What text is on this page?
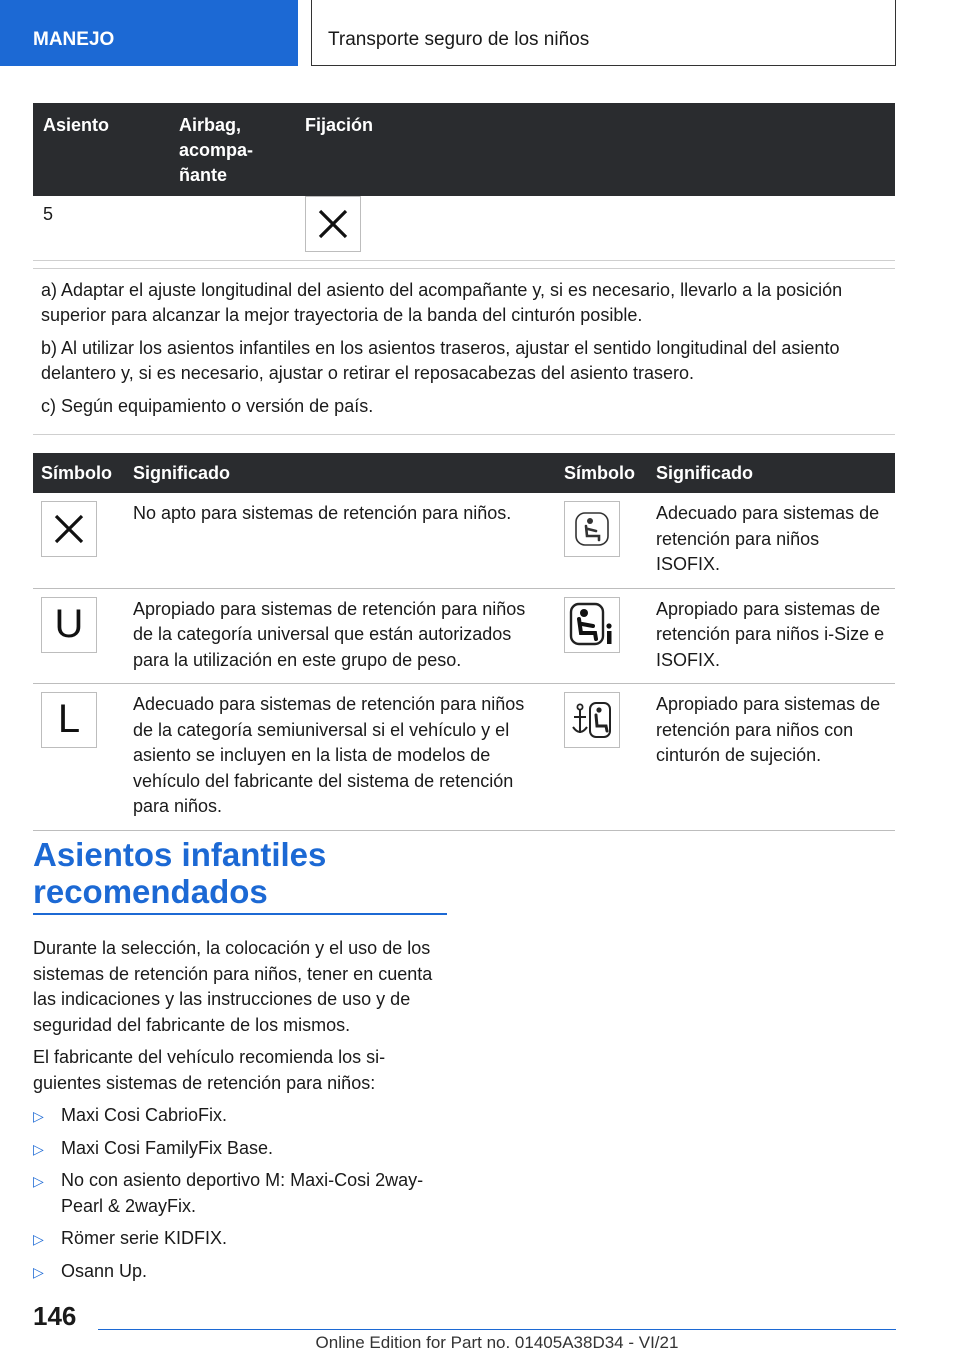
MANEJO	Transporte seguro de los niños
Asiento	Airbag,
acompa-
ñante	Fijación
5		

a) Adaptar el ajuste longitudinal del asiento del acompañante y, si es necesario, llevarlo a la posición superior para alcanzar la mejor trayectoria de la banda del cinturón posible.

b) Al utilizar los asientos infantiles en los asientos traseros, ajustar el sentido longitudinal del asiento delantero y, si es necesario, ajustar o retirar el reposacabezas del asiento trasero.

c) Según equipamiento o versión de país.

Símbolo	Significado	Símbolo	Significado

	No apto para sistemas de retención para niños.		Adecuado para sistemas de retención para niños ISOFIX.

U	Apropiado para sistemas de retención para niños de la categoría universal que están autorizados para la utilización en este grupo de peso.		Apropiado para sistemas de retención para niños i-Size e ISOFIX.

L	Adecuado para sistemas de retención para niños de la categoría semiuniversal si el vehículo y el asiento se incluyen en la lista de modelos de vehículo del fabricante del sistema de retención para niños.		Apropiado para sistemas de retención para niños con cinturón de sujeción.
Asientos infantiles
recomendados

Durante la selección, la colocación y el uso de los sistemas de retención para niños, tener en cuenta las indicaciones y las instrucciones de uso y de seguridad del fabricante de los mismos.

El fabricante del vehículo recomienda los si-guientes sistemas de retención para niños:

▷ Maxi Cosi CabrioFix.
▷ Maxi Cosi FamilyFix Base.
▷ No con asiento deportivo M: Maxi-Cosi 2way-Pearl & 2wayFix.
▷ Römer serie KIDFIX.
▷ Osann Up.
146
Online Edition for Part no. 01405A38D34 - VI/21
